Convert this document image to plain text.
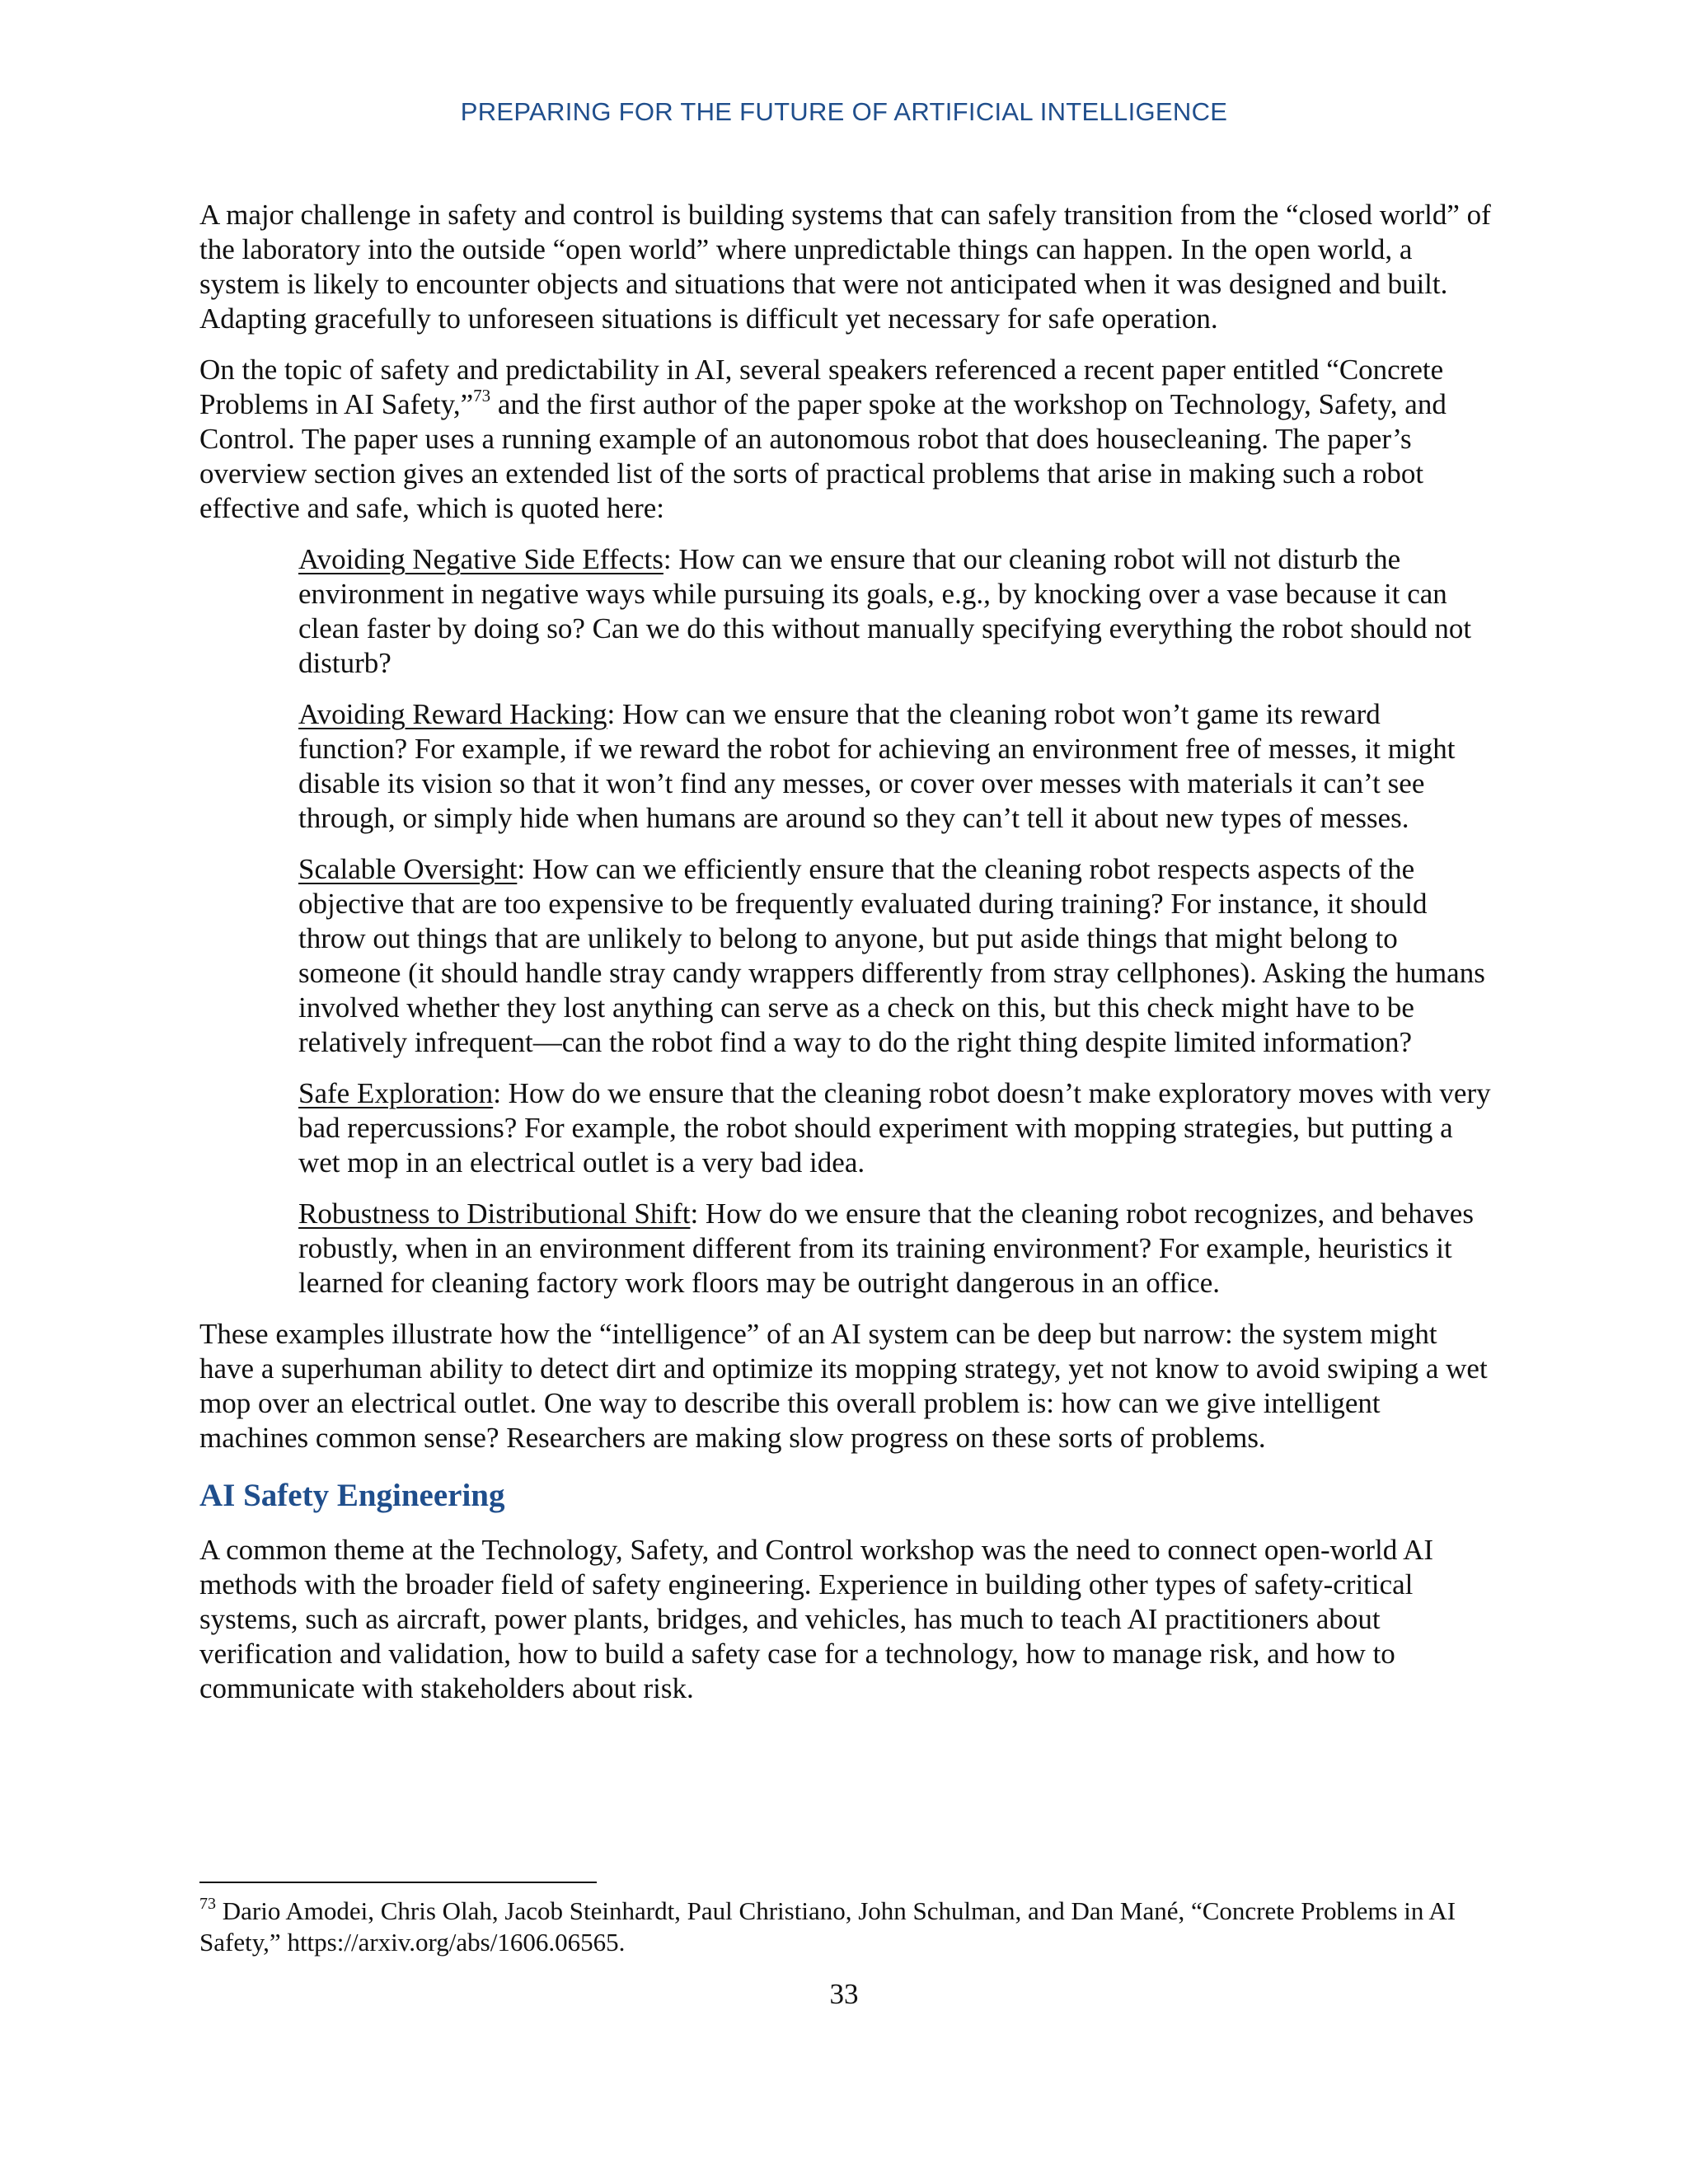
PREPARING FOR THE FUTURE OF ARTIFICIAL INTELLIGENCE

A major challenge in safety and control is building systems that can safely transition from the “closed world” of the laboratory into the outside “open world” where unpredictable things can happen. In the open world, a system is likely to encounter objects and situations that were not anticipated when it was designed and built. Adapting gracefully to unforeseen situations is difficult yet necessary for safe operation.

On the topic of safety and predictability in AI, several speakers referenced a recent paper entitled “Concrete Problems in AI Safety,”$^{73}$ and the first author of the paper spoke at the workshop on Technology, Safety, and Control. The paper uses a running example of an autonomous robot that does housecleaning. The paper’s overview section gives an extended list of the sorts of practical problems that arise in making such a robot effective and safe, which is quoted here:

Avoiding Negative Side Effects: How can we ensure that our cleaning robot will not disturb the environment in negative ways while pursuing its goals, e.g., by knocking over a vase because it can clean faster by doing so? Can we do this without manually specifying everything the robot should not disturb?

Avoiding Reward Hacking: How can we ensure that the cleaning robot won’t game its reward function? For example, if we reward the robot for achieving an environment free of messes, it might disable its vision so that it won’t find any messes, or cover over messes with materials it can’t see through, or simply hide when humans are around so they can’t tell it about new types of messes.

Scalable Oversight: How can we efficiently ensure that the cleaning robot respects aspects of the objective that are too expensive to be frequently evaluated during training? For instance, it should throw out things that are unlikely to belong to anyone, but put aside things that might belong to someone (it should handle stray candy wrappers differently from stray cellphones). Asking the humans involved whether they lost anything can serve as a check on this, but this check might have to be relatively infrequent—can the robot find a way to do the right thing despite limited information?

Safe Exploration: How do we ensure that the cleaning robot doesn’t make exploratory moves with very bad repercussions? For example, the robot should experiment with mopping strategies, but putting a wet mop in an electrical outlet is a very bad idea.

Robustness to Distributional Shift: How do we ensure that the cleaning robot recognizes, and behaves robustly, when in an environment different from its training environment? For example, heuristics it learned for cleaning factory work floors may be outright dangerous in an office.

These examples illustrate how the “intelligence” of an AI system can be deep but narrow: the system might have a superhuman ability to detect dirt and optimize its mopping strategy, yet not know to avoid swiping a wet mop over an electrical outlet. One way to describe this overall problem is: how can we give intelligent machines common sense? Researchers are making slow progress on these sorts of problems.

AI Safety Engineering

A common theme at the Technology, Safety, and Control workshop was the need to connect open-world AI methods with the broader field of safety engineering. Experience in building other types of safety-critical systems, such as aircraft, power plants, bridges, and vehicles, has much to teach AI practitioners about verification and validation, how to build a safety case for a technology, how to manage risk, and how to communicate with stakeholders about risk.

$^{73}$ Dario Amodei, Chris Olah, Jacob Steinhardt, Paul Christiano, John Schulman, and Dan Mané, “Concrete Problems in AI Safety,” https://arxiv.org/abs/1606.06565.
33
